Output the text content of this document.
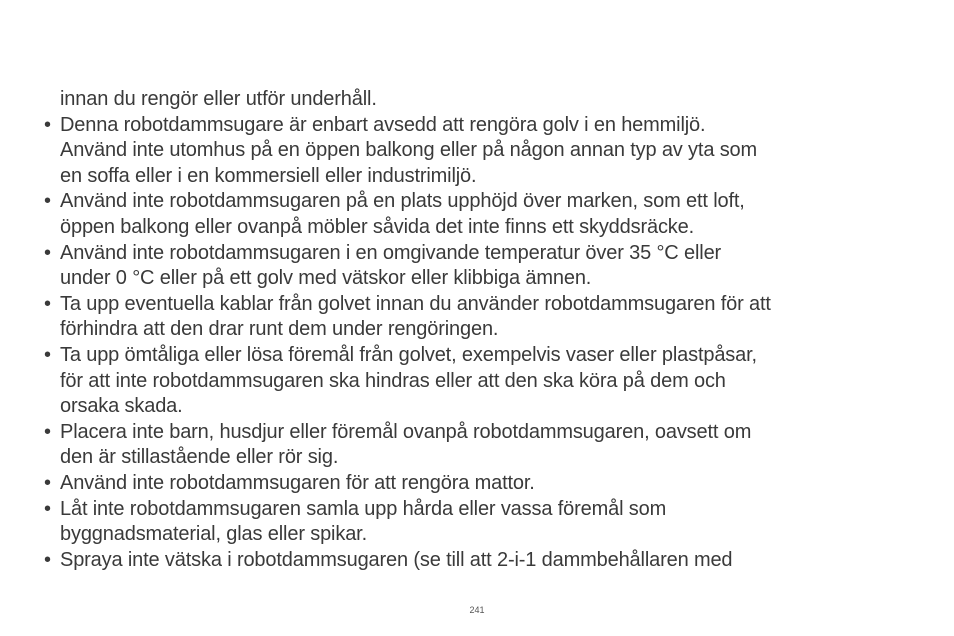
innan du rengör eller utför underhåll.
• Denna robotdammsugare är enbart avsedd att rengöra golv i en hemmiljö.
Använd inte utomhus på en öppen balkong eller på någon annan typ av yta som
en soffa eller i en kommersiell eller industrimiljö.
• Använd inte robotdammsugaren på en plats upphöjd över marken, som ett loft,
öppen balkong eller ovanpå möbler såvida det inte finns ett skyddsräcke.
• Använd inte robotdammsugaren i en omgivande temperatur över 35 °C eller
under 0 °C eller på ett golv med vätskor eller klibbiga ämnen.
• Ta upp eventuella kablar från golvet innan du använder robotdammsugaren för att
förhindra att den drar runt dem under rengöringen.
• Ta upp ömtåliga eller lösa föremål från golvet, exempelvis vaser eller plastpåsar,
för att inte robotdammsugaren ska hindras eller att den ska köra på dem och
orsaka skada.
• Placera inte barn, husdjur eller föremål ovanpå robotdammsugaren, oavsett om
den är stillastående eller rör sig.
• Använd inte robotdammsugaren för att rengöra mattor.
• Låt inte robotdammsugaren samla upp hårda eller vassa föremål som
byggnadsmaterial, glas eller spikar.
• Spraya inte vätska i robotdammsugaren (se till att 2-i-1 dammbehållaren med
241
